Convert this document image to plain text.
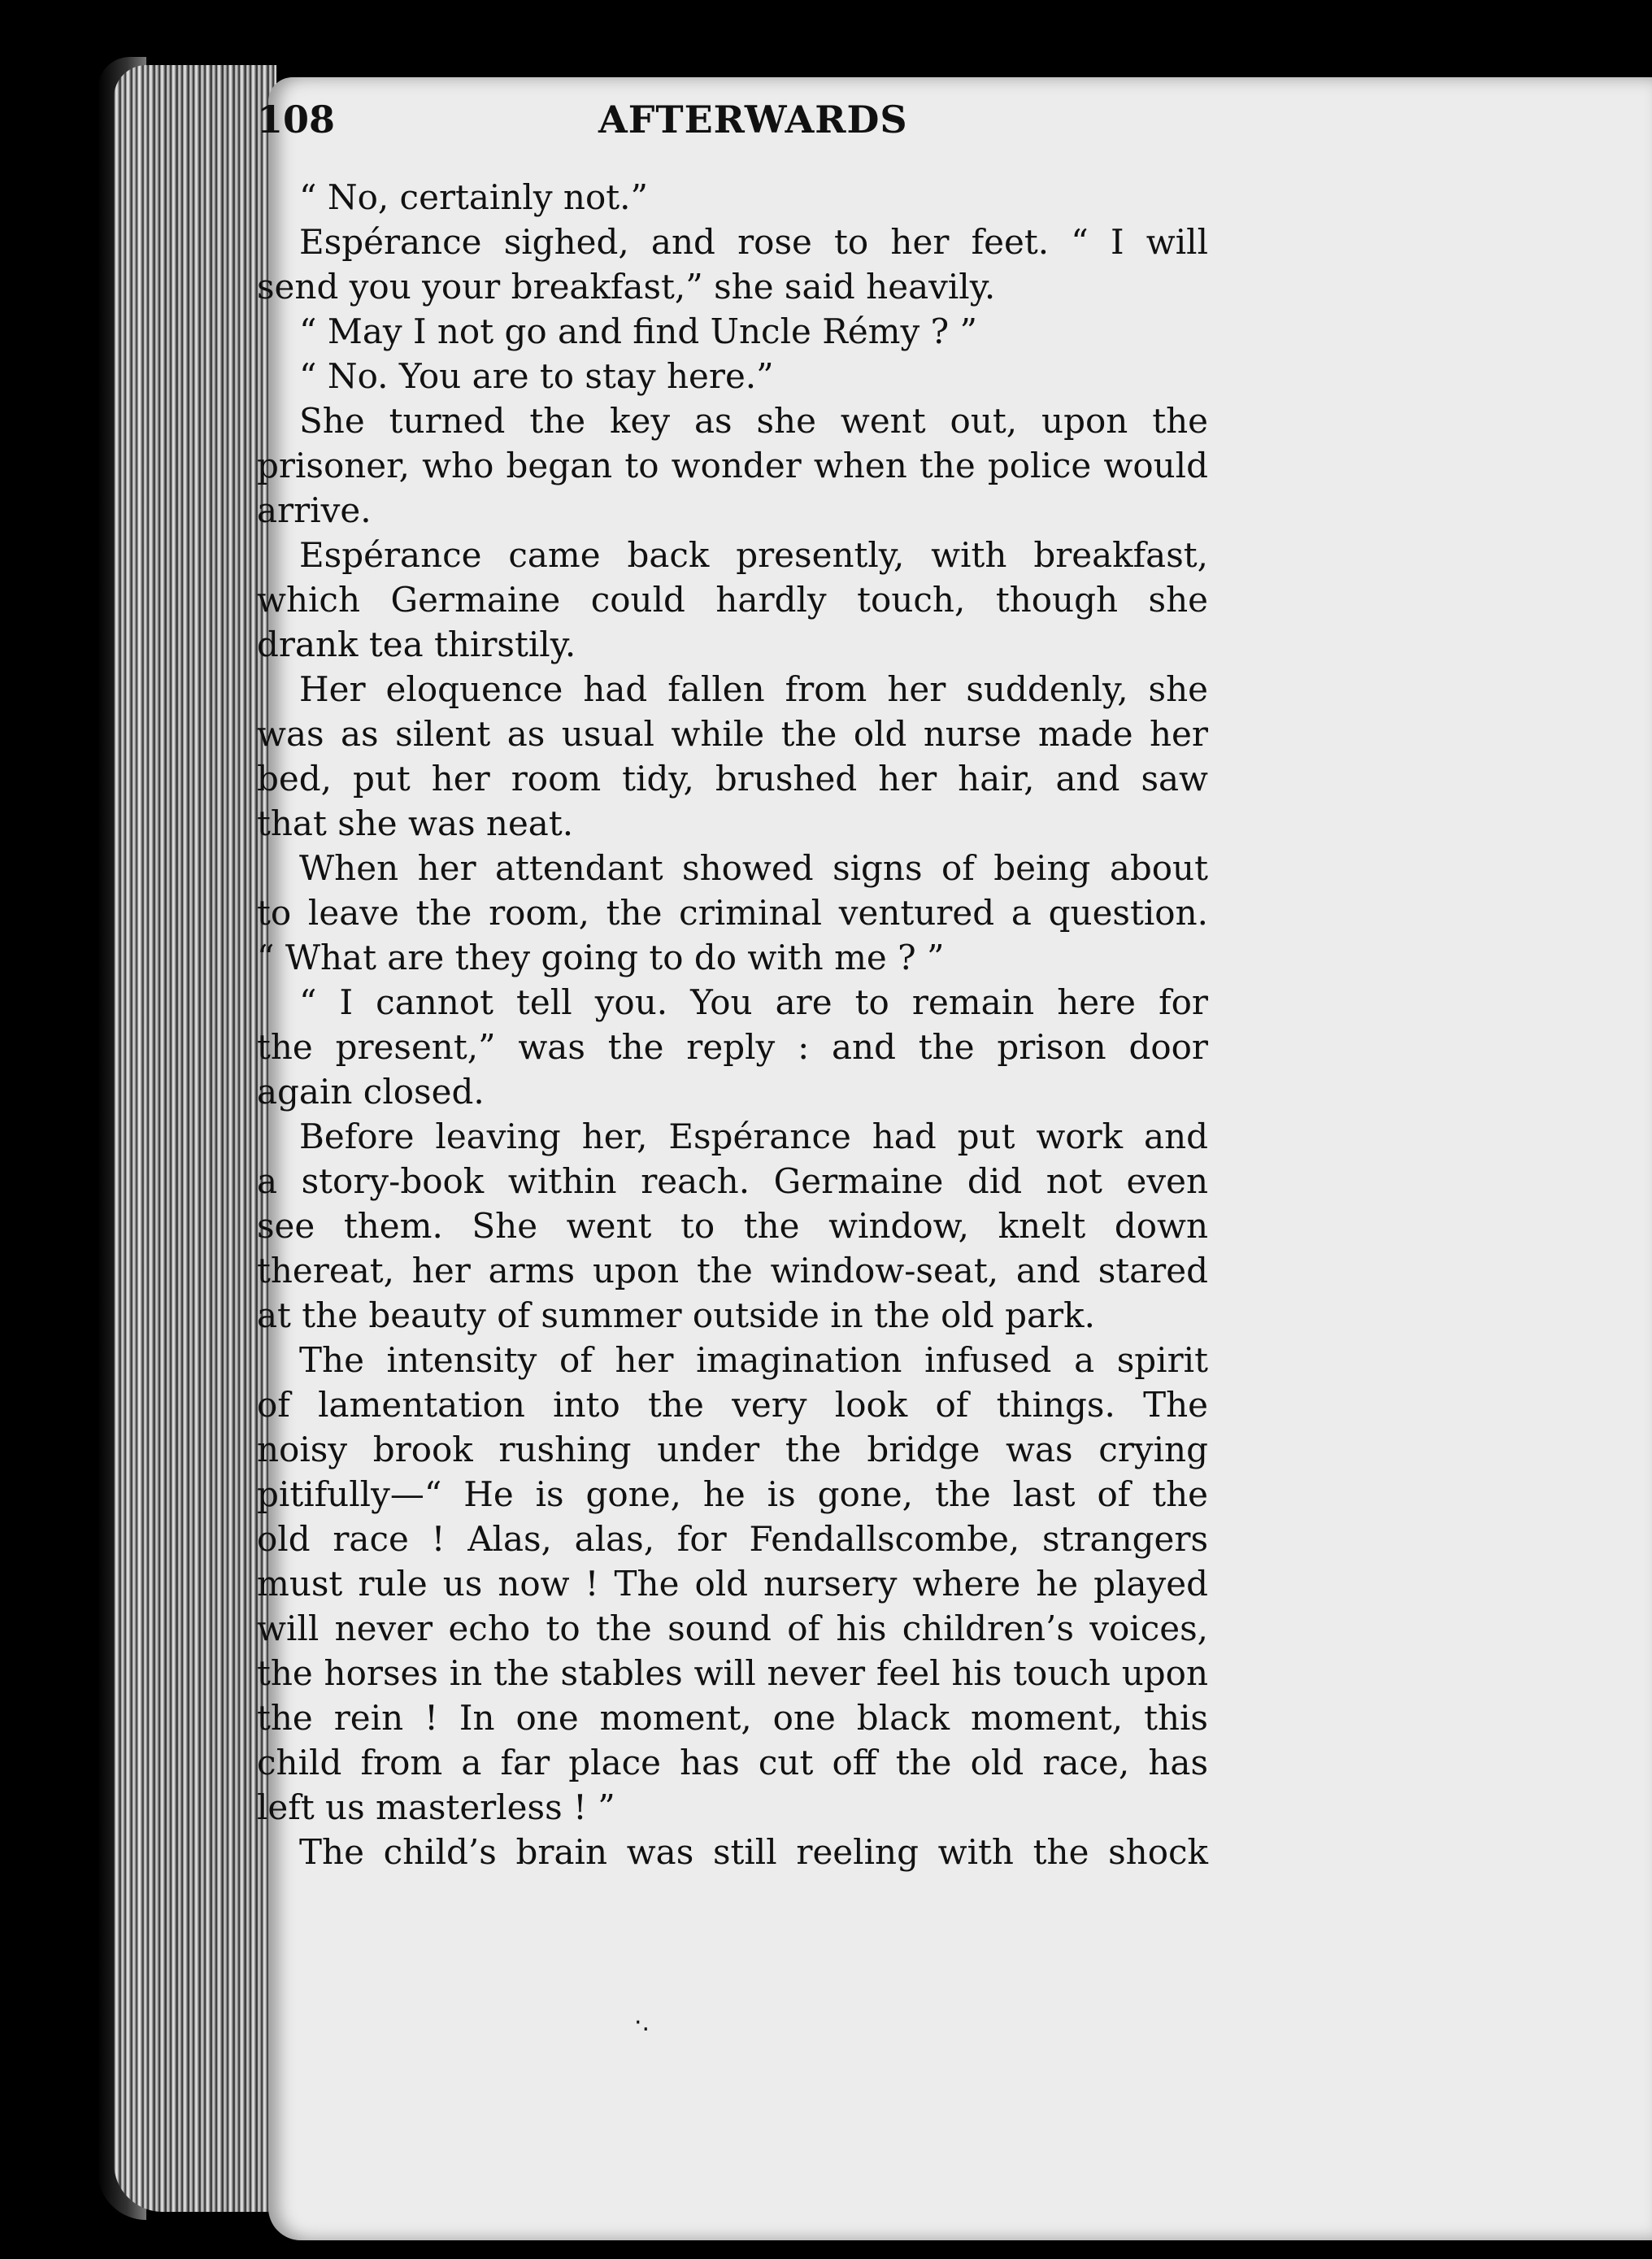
108	AFTERWARDS
“ No, certainly not.”
Espérance sighed, and rose to her feet. “ I will
send you your breakfast,” she said heavily.
“ May I not go and find Uncle Rémy ? ”
“ No. You are to stay here.”
She turned the key as she went out, upon the
prisoner, who began to wonder when the police would
arrive.
Espérance came back presently, with breakfast,
which Germaine could hardly touch, though she
drank tea thirstily.
Her eloquence had fallen from her suddenly, she
was as silent as usual while the old nurse made her
bed, put her room tidy, brushed her hair, and saw
that she was neat.
When her attendant showed signs of being about
to leave the room, the criminal ventured a question.
“ What are they going to do with me ? ”
“ I cannot tell you. You are to remain here for
the present,” was the reply : and the prison door
again closed.
Before leaving her, Espérance had put work and
a story-book within reach. Germaine did not even
see them. She went to the window, knelt down
thereat, her arms upon the window-seat, and stared
at the beauty of summer outside in the old park.
The intensity of her imagination infused a spirit
of lamentation into the very look of things. The
noisy brook rushing under the bridge was crying
pitifully—“ He is gone, he is gone, the last of the
old race ! Alas, alas, for Fendallscombe, strangers
must rule us now ! The old nursery where he played
will never echo to the sound of his children’s voices,
the horses in the stables will never feel his touch upon
the rein ! In one moment, one black moment, this
child from a far place has cut off the old race, has
left us masterless ! ”
The child’s brain was still reeling with the shock
·.
